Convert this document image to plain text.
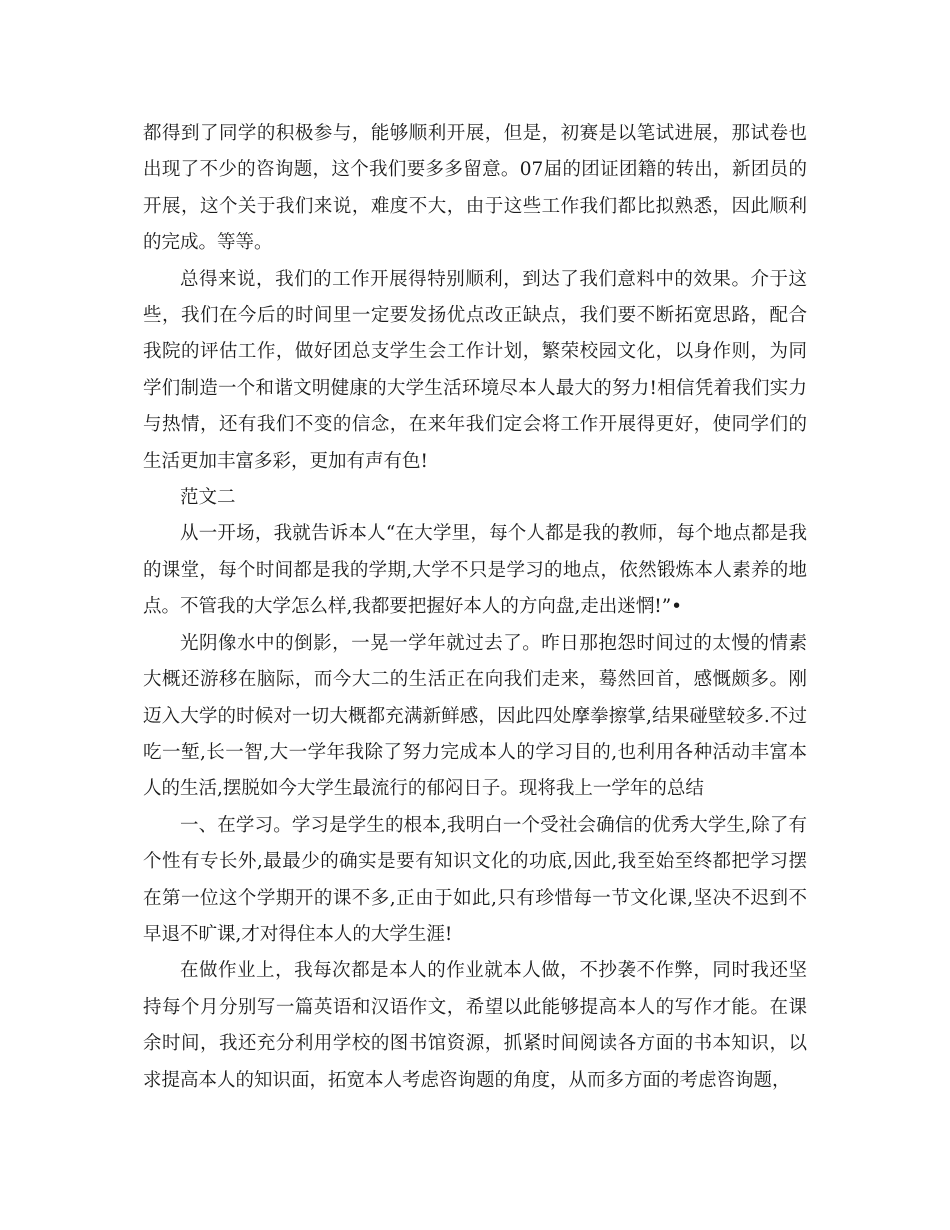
都得到了同学的积极参与，能够顺利开展，但是，初赛是以笔试进展，那试卷也出现了不少的咨询题，这个我们要多多留意。07届的团证团籍的转出，新团员的开展，这个关于我们来说，难度不大，由于这些工作我们都比拟熟悉，因此顺利的完成。等等。

总得来说，我们的工作开展得特别顺利，到达了我们意料中的效果。介于这些，我们在今后的时间里一定要发扬优点改正缺点，我们要不断拓宽思路，配合我院的评估工作，做好团总支学生会工作计划，繁荣校园文化，以身作则，为同学们制造一个和谐文明健康的大学生活环境尽本人最大的努力!相信凭着我们实力与热情，还有我们不变的信念，在来年我们定会将工作开展得更好，使同学们的生活更加丰富多彩，更加有声有色!

范文二

从一开场，我就告诉本人“在大学里，每个人都是我的教师，每个地点都是我的课堂，每个时间都是我的学期,大学不只是学习的地点，依然锻炼本人素养的地点。不管我的大学怎么样,我都要把握好本人的方向盘,走出迷惘!”•

光阴像水中的倒影，一晃一学年就过去了。昨日那抱怨时间过的太慢的情素大概还游移在脑际，而今大二的生活正在向我们走来，蓦然回首，感慨颇多。刚迈入大学的时候对一切大概都充满新鲜感，因此四处摩拳擦掌,结果碰壁较多.不过吃一堑,长一智,大一学年我除了努力完成本人的学习目的,也利用各种活动丰富本人的生活,摆脱如今大学生最流行的郁闷日子。现将我上一学年的总结

一、在学习。学习是学生的根本,我明白一个受社会确信的优秀大学生,除了有个性有专长外,最最少的确实是要有知识文化的功底,因此,我至始至终都把学习摆在第一位这个学期开的课不多,正由于如此,只有珍惜每一节文化课,坚决不迟到不早退不旷课,才对得住本人的大学生涯!

在做作业上，我每次都是本人的作业就本人做，不抄袭不作弊，同时我还坚持每个月分别写一篇英语和汉语作文，希望以此能够提高本人的写作才能。在课余时间，我还充分利用学校的图书馆资源，抓紧时间阅读各方面的书本知识，以求提高本人的知识面，拓宽本人考虑咨询题的角度，从而多方面的考虑咨询题，
